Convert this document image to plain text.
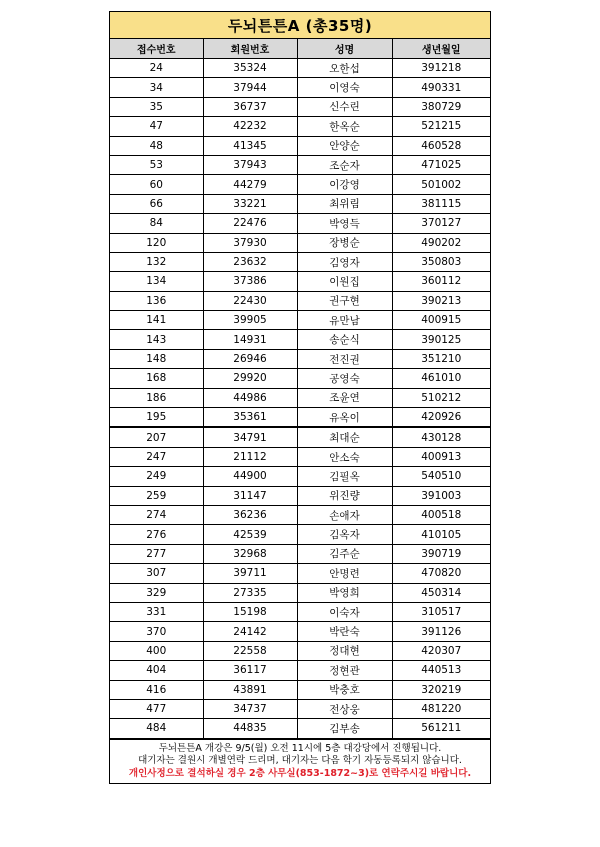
두뇌튼튼A (총35명)
접수번호	회원번호	성명	생년월일
24	35324	오한섭	391218
34	37944	이영숙	490331
35	36737	신수린	380729
47	42232	한옥순	521215
48	41345	안양순	460528
53	37943	조순자	471025
60	44279	이강영	501002
66	33221	최위림	381115
84	22476	박영득	370127
120	37930	장병순	490202
132	23632	김영자	350803
134	37386	이원집	360112
136	22430	권구현	390213
141	39905	유만남	400915
143	14931	송순식	390125
148	26946	전진권	351210
168	29920	공영숙	461010
186	44986	조윤연	510212
195	35361	유옥이	420926
207	34791	최대순	430128
247	21112	안소숙	400913
249	44900	김필옥	540510
259	31147	위진량	391003
274	36236	손애자	400518
276	42539	김옥자	410105
277	32968	김주순	390719
307	39711	안명련	470820
329	27335	박영희	450314
331	15198	이숙자	310517
370	24142	박란숙	391126
400	22558	정대현	420307
404	36117	정현관	440513
416	43891	박충호	320219
477	34737	전상웅	481220
484	44835	김부송	561211
두뇌튼튼A 개강은 9/5(월) 오전 11시에 5층 대강당에서 진행됩니다.
대기자는 결원시 개별연락 드리며, 대기자는 다음 학기 자동등록되지 않습니다.
개인사정으로 결석하실 경우 2층 사무실(853-1872~3)로 연락주시길 바랍니다.
